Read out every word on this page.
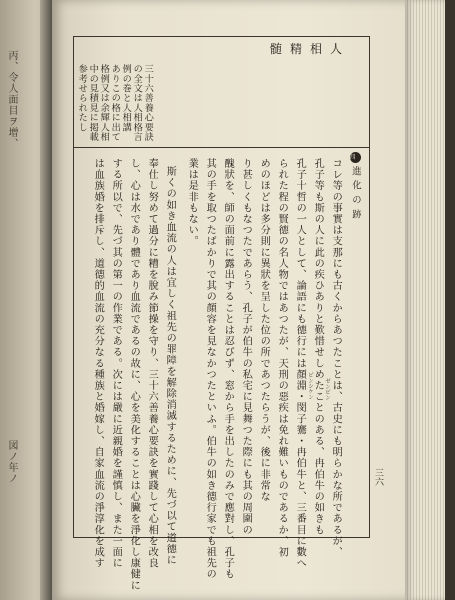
丙、令人面目ヲ增、
図ノ年ノ
人相精髄
三十六善養心要訣
の全文は人相格言
例の巻と人相講
ありこの格に出て
格例又は余輝人相
中の見積見に掲載
参考せられたし
四進化の跡
コレ等の事實は支那にも古くからあつたことは、古史にも明らかな所であるが、
孔子等も斯の人に此の疾ひありと歎惜せしめたことのある、冉伯牛の如きも
孔子十哲の一人として、論語にも德行には顏淵・閔子騫・冉伯牛と、三番目に數へ
られた程の賢德の名人物ではあつたが、天刑の惡疾は免れ難いものであるか、初
めのほどは多分則に異狀を呈した位の所であつたらうが、後に非常な
り甚しくもなつたであらう、孔子が伯牛の私宅に見舞つた際にも其の周圍の
醜狀を、師の面前に露出することは忍びず、窓から手を出したのみで應對し、孔子も
其の手を取つたばかりで其の顏容を見なかつたといふ。伯牛の如き德行家でも祖先の
業は是非もない。
斯くの如き血流の人は宜しく祖先の罪障を解除消滅するために、先づ以て道德に
奉仕し努めて過分に糟を脫み節操を守り、三十六善養心要訣を實踐して心相を改良
し、心は水であり體であり血流であるの故に、心を美化することは心臟を淨化し康健に
する所以で、先づ其の第一の作業である。次には嚴に近親婚を謹慎し、また一面に
は血族婚を排斥し、道德的血流の充分なる種族と婚嫁し、自家血流の淨淳化を成す	ゼンビン
ピンシケン
三六
